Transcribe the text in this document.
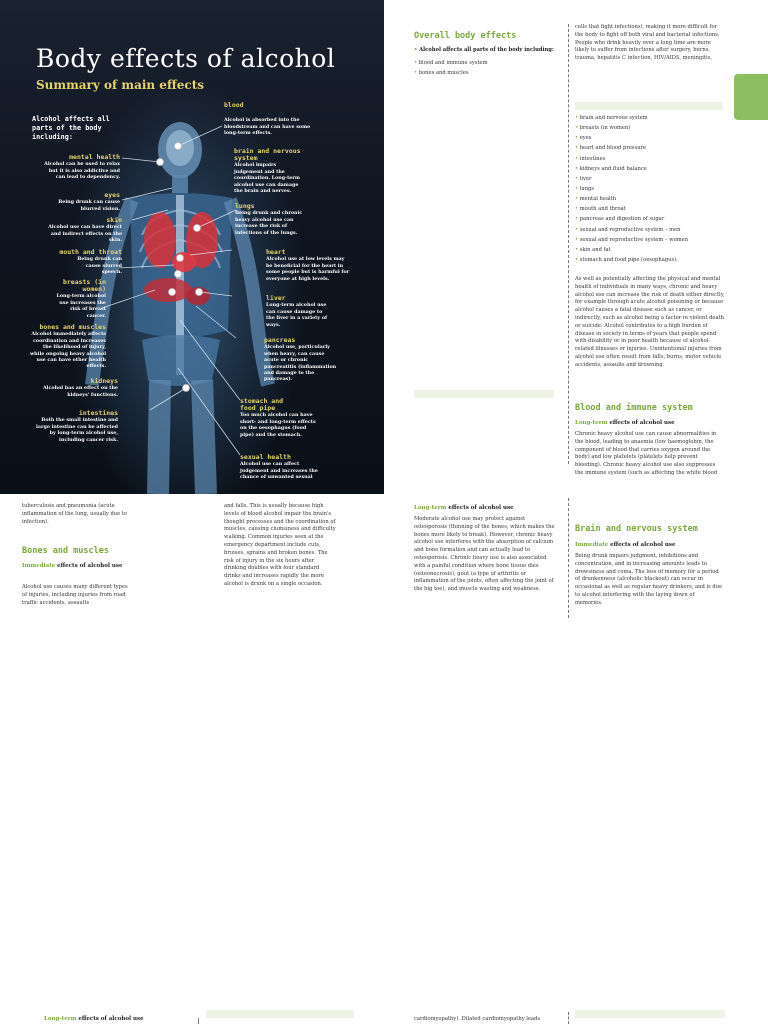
Body effects of alcohol
Summary of main effects
Alcohol affects all parts of the body including:
blood
Alcohol is absorbed into the bloodstream and can have some long-term effects.
brain and nervous system
Alcohol impairs judgement and the coordination. Long-term alcohol use can damage the brain and nerves.
lungs
Being drunk and chronic heavy alcohol use can increase the risk of infections of the lungs.
heart
Alcohol use at low levels may be beneficial for the heart in some people but is harmful for everyone at high levels.
liver
Long-term alcohol use can cause damage to the liver in a variety of ways.
pancreas
Alcohol use, particularly when heavy, can cause acute or chronic pancreatitis (inflammation and damage to the pancreas).
stomach and food pipe
Too much alcohol can have short- and long-term effects on the oesophagus (food pipe) and the stomach.
sexual health
Alcohol use can affect judgement and increases the chance of unwanted sexual
mental health
Alcohol can be used to relax but it is also addictive and can lead to dependency.
eyes
Being drunk can cause blurred vision.
skin
Alcohol use can have direct and indirect effects on the skin.
mouth and throat
Being drunk can cause slurred speech.
breasts (in women)
Long-term alcohol use increases the risk of breast cancer.
bones and muscles
Alcohol immediately affects coordination and increases the likelihood of injury, while ongoing heavy alcohol use can have other health effects.
kidneys
Alcohol has an effect on the kidneys' functions.
intestines
Both the small intestine and large intestine can be affected by long-term alcohol use, including cancer risk.
tuberculosis and pneumonia (acute inflammation of the lung, usually due to infection).
Bones and muscles
Immediate effects of alcohol use
Alcohol use causes many different types of injuries, including injuries from road traffic accidents, assaults
and falls. This is usually because high levels of blood alcohol impair the brain's thought processes and the coordination of muscles, causing clumsiness and difficulty walking. Common injuries seen at the emergency department include cuts, bruises, sprains and broken bones. The risk of injury in the six hours after drinking doubles with four standard drinks and increases rapidly the more alcohol is drunk on a single occasion.
Long-term effects of alcohol use
Overall body effects
• Alcohol affects all parts of the body including:
• blood and immune system
• bones and muscles
Long-term effects of alcohol use
Moderate alcohol use may protect against osteoporosis (thinning of the bones, which makes the bones more likely to break). However, chronic heavy alcohol use interferes with the absorption of calcium and bone formation and can actually lead to osteoporosis. Chronic heavy use is also associated with a painful condition where bone tissue dies (osteonecrosis), gout (a type of arthritis or inflammation of the joints, often affecting the joint of the big toe), and muscle wasting and weakness.
cardiomyopathy). Dilated cardiomyopathy leads
cells that fight infections), making it more difficult for the body to fight off both viral and bacterial infections. People who drink heavily over a long time are more likely to suffer from infections after surgery, burns, trauma, hepatitis C infection, HIV/AIDS, meningitis,
• brain and nervous system
• breasts (in women)
• eyes
• heart and blood pressure
• intestines
• kidneys and fluid balance
• liver
• lungs
• mental health
• mouth and throat
• pancreas and digestion of sugar
• sexual and reproductive system – men
• sexual and reproductive system – women
• skin and fat
• stomach and food pipe (oesophagus).
As well as potentially affecting the physical and mental health of individuals in many ways, chronic and heavy alcohol use can increase the risk of death either directly, for example through acute alcohol poisoning or because alcohol causes a fatal disease such as cancer, or indirectly, such as alcohol being a factor in violent death or suicide. Alcohol contributes to a high burden of disease in society in terms of years that people spend with disability or in poor health because of alcohol-related illnesses or injuries. Unintentional injuries from alcohol use often result from falls, burns, motor vehicle accidents, assaults and drowning.
Blood and immune system
Long-term effects of alcohol use
Chronic heavy alcohol use can cause abnormalities in the blood, leading to anaemia (low haemoglobin, the component of blood that carries oxygen around the body) and low platelets (platelets help prevent bleeding). Chronic heavy alcohol use also suppresses the immune system (such as affecting the white blood
Brain and nervous system
Immediate effects of alcohol use
Being drunk impairs judgment, inhibitions and concentration, and in increasing amounts leads to drowsiness and coma. The loss of memory for a period of drunkenness (alcoholic blackout) can occur in occasional as well as regular heavy drinkers, and is due to alcohol interfering with the laying down of memories.
